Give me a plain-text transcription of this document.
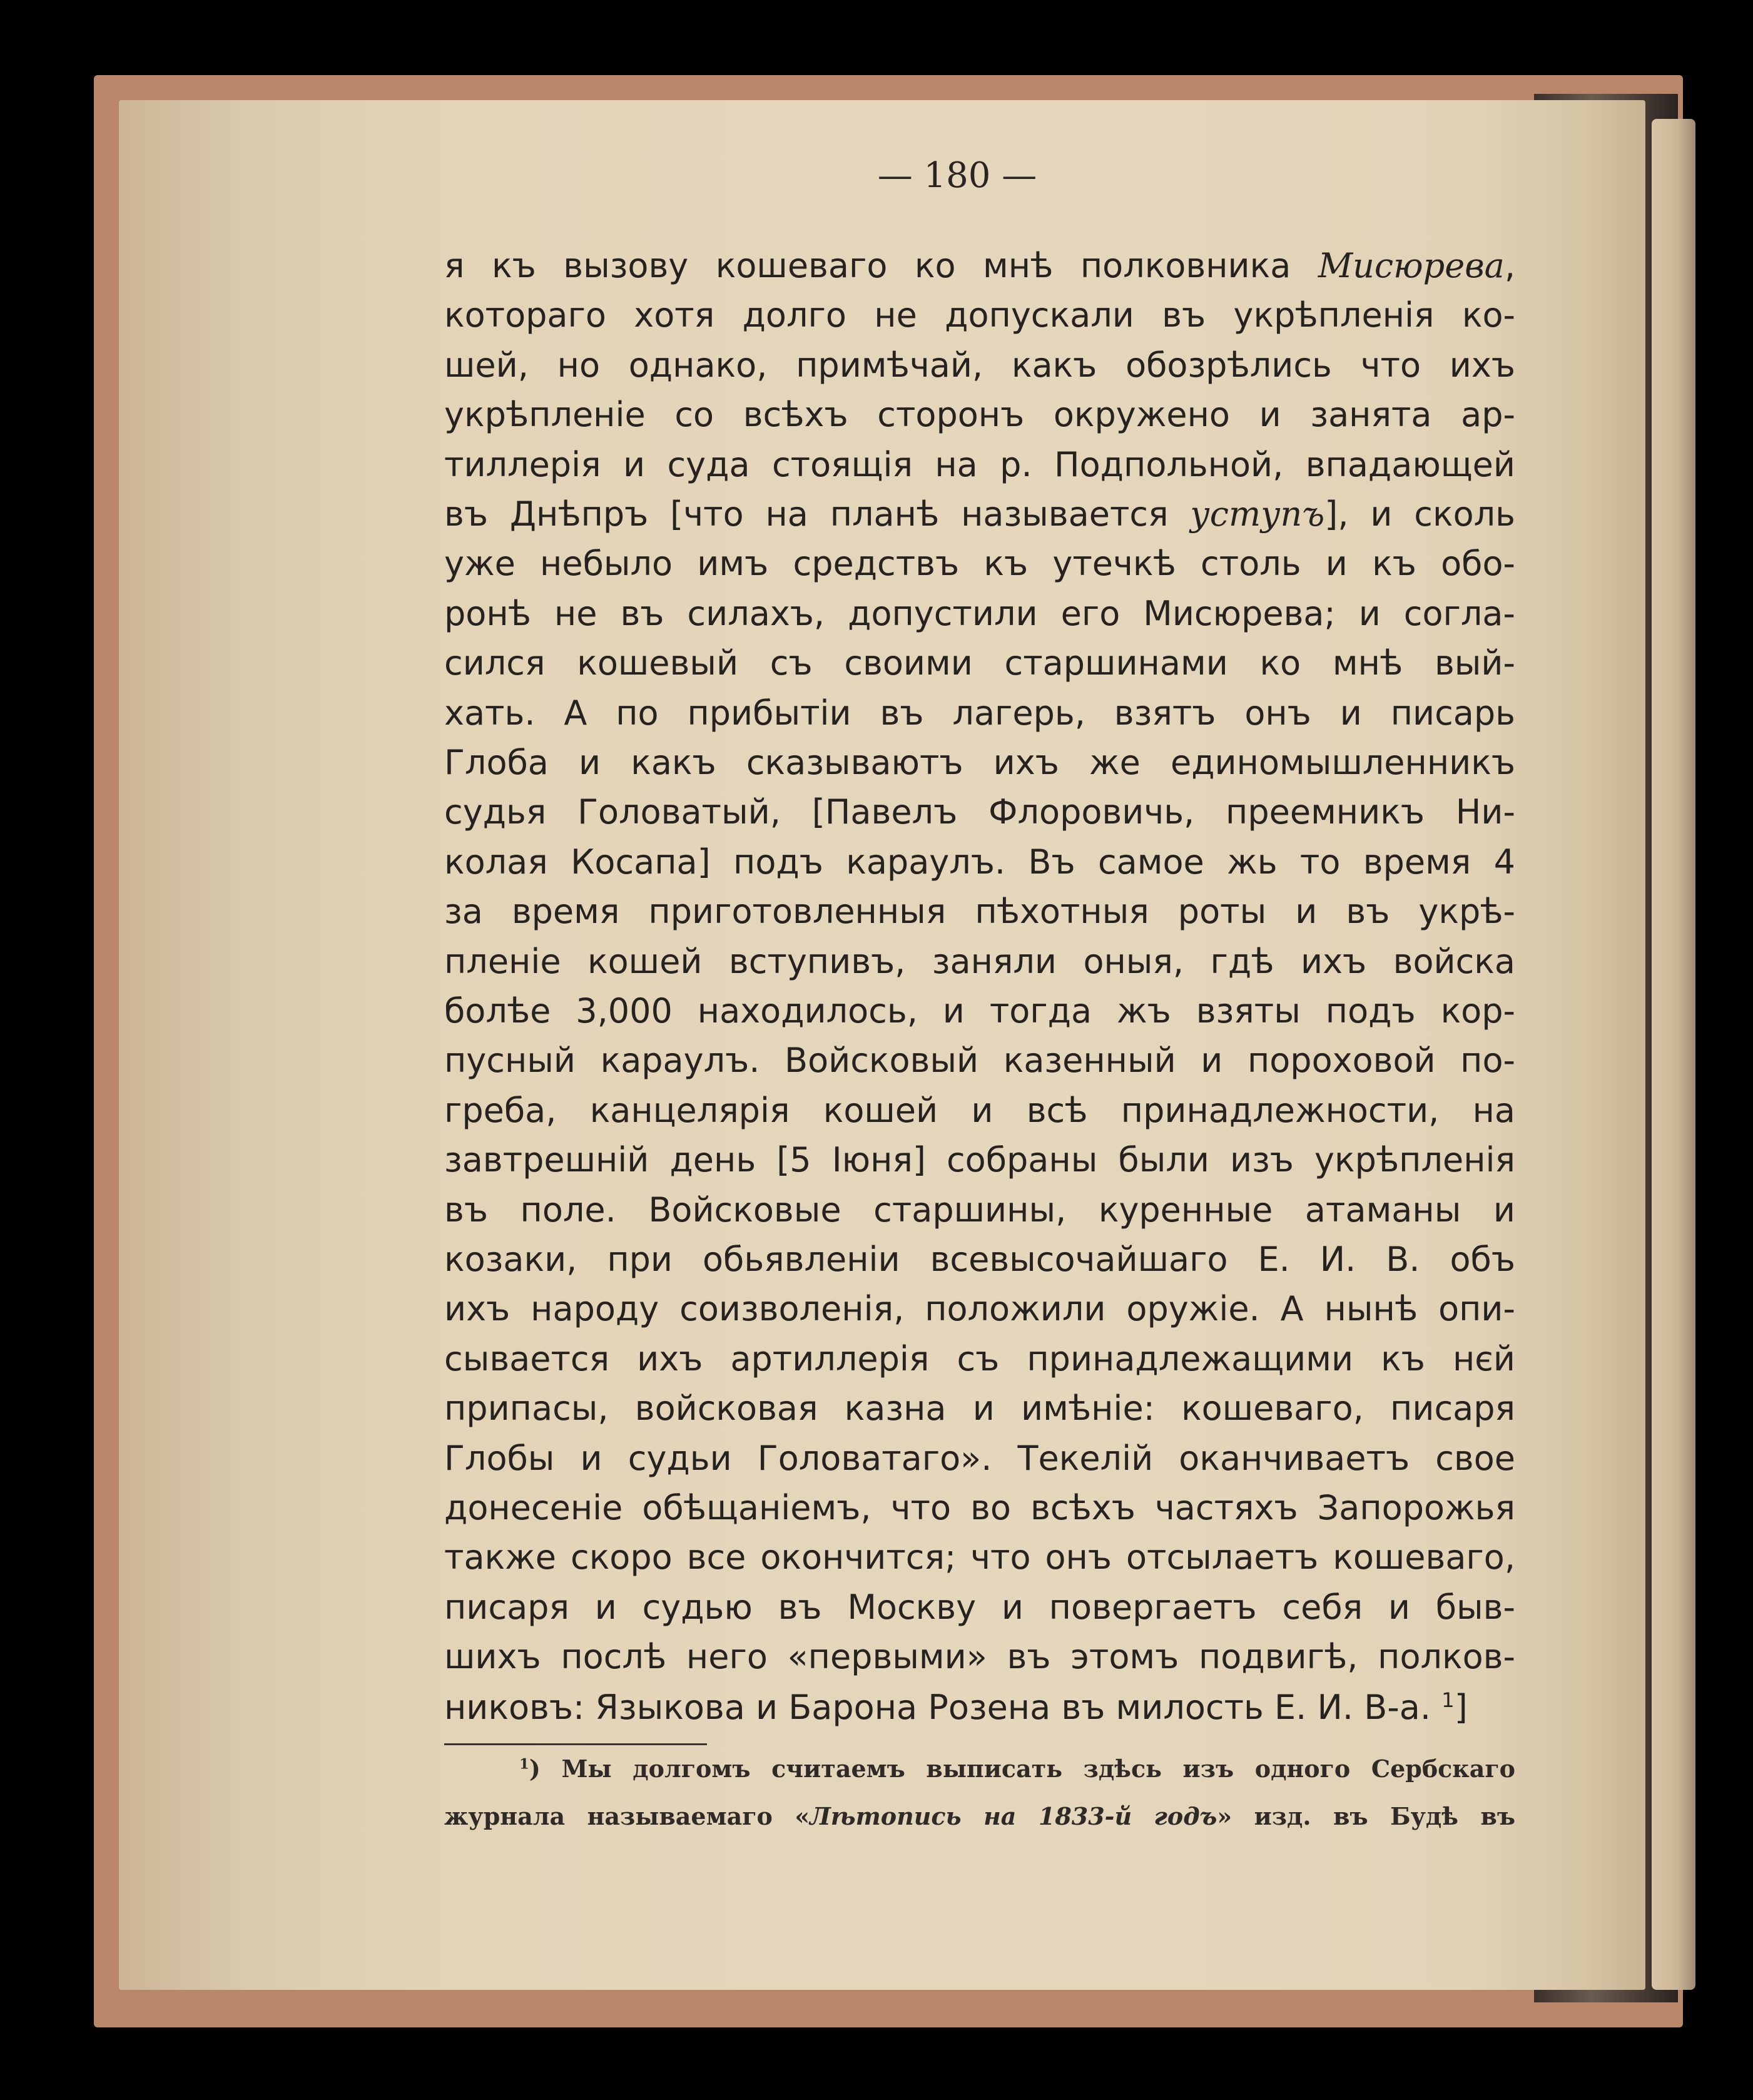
— 180 —
я къ вызову кошеваго ко мнѣ полковника Мисюрева,
котораго хотя долго не допускали въ укрѣпленія ко-
шей, но однако, примѣчай, какъ обозрѣлись что ихъ
укрѣпленіе со всѣхъ сторонъ окружено и занята ар-
тиллерія и суда стоящія на р. Подпольной, впадающей
въ Днѣпръ [что на планѣ называется уступъ], и сколь
уже небыло имъ средствъ къ утечкѣ столь и къ обо-
ронѣ не въ силахъ, допустили его Мисюрева; и согла-
сился кошевый съ своими старшинами ко мнѣ вый-
хать. А по прибытіи въ лагерь, взятъ онъ и писарь
Глоба и какъ сказываютъ ихъ же единомышленникъ
судья Головатый, [Павелъ Флоровичь, преемникъ Ни-
колая Косапа] подъ караулъ. Въ самое жь то время 4
за время приготовленныя пѣхотныя роты и въ укрѣ-
пленіе кошей вступивъ, заняли оныя, гдѣ ихъ войска
болѣе 3,000 находилось, и тогда жъ взяты подъ кор-
пусный караулъ. Войсковый казенный и пороховой по-
греба, канцелярія кошей и всѣ принадлежности, на
завтрешній день [5 Іюня] собраны были изъ укрѣпленія
въ поле. Войсковые старшины, куренные атаманы и
козаки, при обьявленіи всевысочайшаго Е. И. В. объ
ихъ народу соизволенія, положили оружіе. А нынѣ опи-
сывается ихъ артиллерія съ принадлежащими къ нєй
припасы, войсковая казна и имѣніе: кошеваго, писаря
Глобы и судьи Головатаго». Текелій оканчиваетъ свое
донесеніе обѣщаніемъ, что во всѣхъ частяхъ Запорожья
также скоро все окончится; что онъ отсылаетъ кошеваго,
писаря и судью въ Москву и повергаетъ себя и быв-
шихъ послѣ него «первыми» въ этомъ подвигѣ, полков-
никовъ: Языкова и Барона Розена въ милость Е. И. В-а. $^1$]
$^1$) Мы долгомъ считаемъ выписать здѣсь изъ одного Сербскаго
журнала называемаго «Лѣтопись на 1833-й годъ» изд. въ Будѣ въ
